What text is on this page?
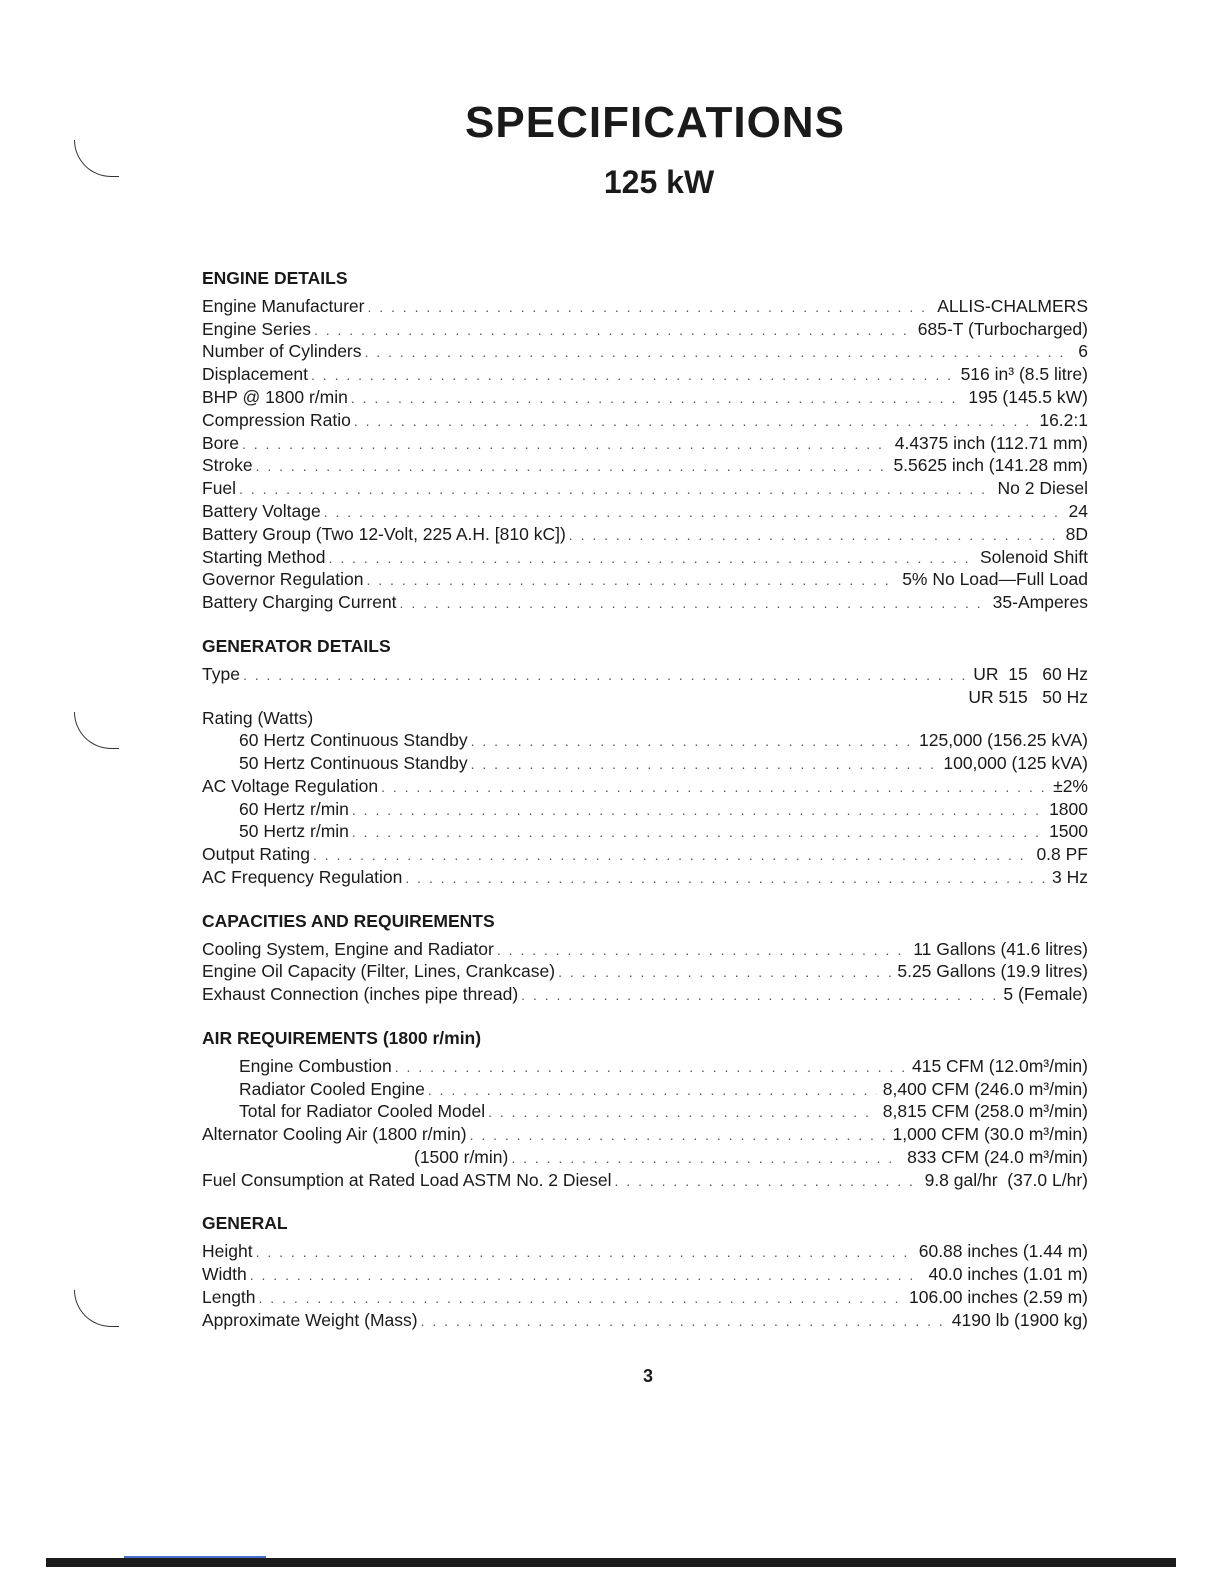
SPECIFICATIONS
125 kW
ENGINE DETAILS
Engine Manufacturer . . .	ALLIS-CHALMERS
Engine Series . . .	685-T (Turbocharged)
Number of Cylinders . . .	6
Displacement . . .	516 in³ (8.5 litre)
BHP @ 1800 r/min . . .	195 (145.5 kW)
Compression Ratio . . .	16.2:1
Bore . . .	4.4375 inch (112.71 mm)
Stroke . . .	5.5625 inch (141.28 mm)
Fuel . . .	No 2 Diesel
Battery Voltage . . .	24
Battery Group (Two 12-Volt, 225 A.H. [810 kC]) . . .	8D
Starting Method . . .	Solenoid Shift
Governor Regulation . . .	5% No Load—Full Load
Battery Charging Current . . .	35-Amperes
GENERATOR DETAILS
Type . . .	UR  15   60 Hz
UR 515   50 Hz
Rating (Watts)
60 Hertz Continuous Standby . . .	125,000 (156.25 kVA)
50 Hertz Continuous Standby . . .	100,000 (125 kVA)
AC Voltage Regulation . . .	±2%
60 Hertz r/min . . .	1800
50 Hertz r/min . . .	1500
Output Rating . . .	0.8 PF
AC Frequency Regulation . . .	3 Hz
CAPACITIES AND REQUIREMENTS
Cooling System, Engine and Radiator . . .	11 Gallons (41.6 litres)
Engine Oil Capacity (Filter, Lines, Crankcase) . . .	5.25 Gallons (19.9 litres)
Exhaust Connection (inches pipe thread) . . .	5 (Female)
AIR REQUIREMENTS (1800 r/min)
Engine Combustion . . .	415 CFM (12.0m³/min)
Radiator Cooled Engine . . .	8,400 CFM (246.0 m³/min)
Total for Radiator Cooled Model . . .	8,815 CFM (258.0 m³/min)
Alternator Cooling Air (1800 r/min) . . .	1,000 CFM (30.0 m³/min)
(1500 r/min) . . .	833 CFM (24.0 m³/min)
Fuel Consumption at Rated Load ASTM No. 2 Diesel . . .	9.8 gal/hr  (37.0 L/hr)
GENERAL
Height . . .	60.88 inches (1.44 m)
Width . . .	40.0 inches (1.01 m)
Length . . .	106.00 inches (2.59 m)
Approximate Weight (Mass) . . .	4190 lb (1900 kg)
3
